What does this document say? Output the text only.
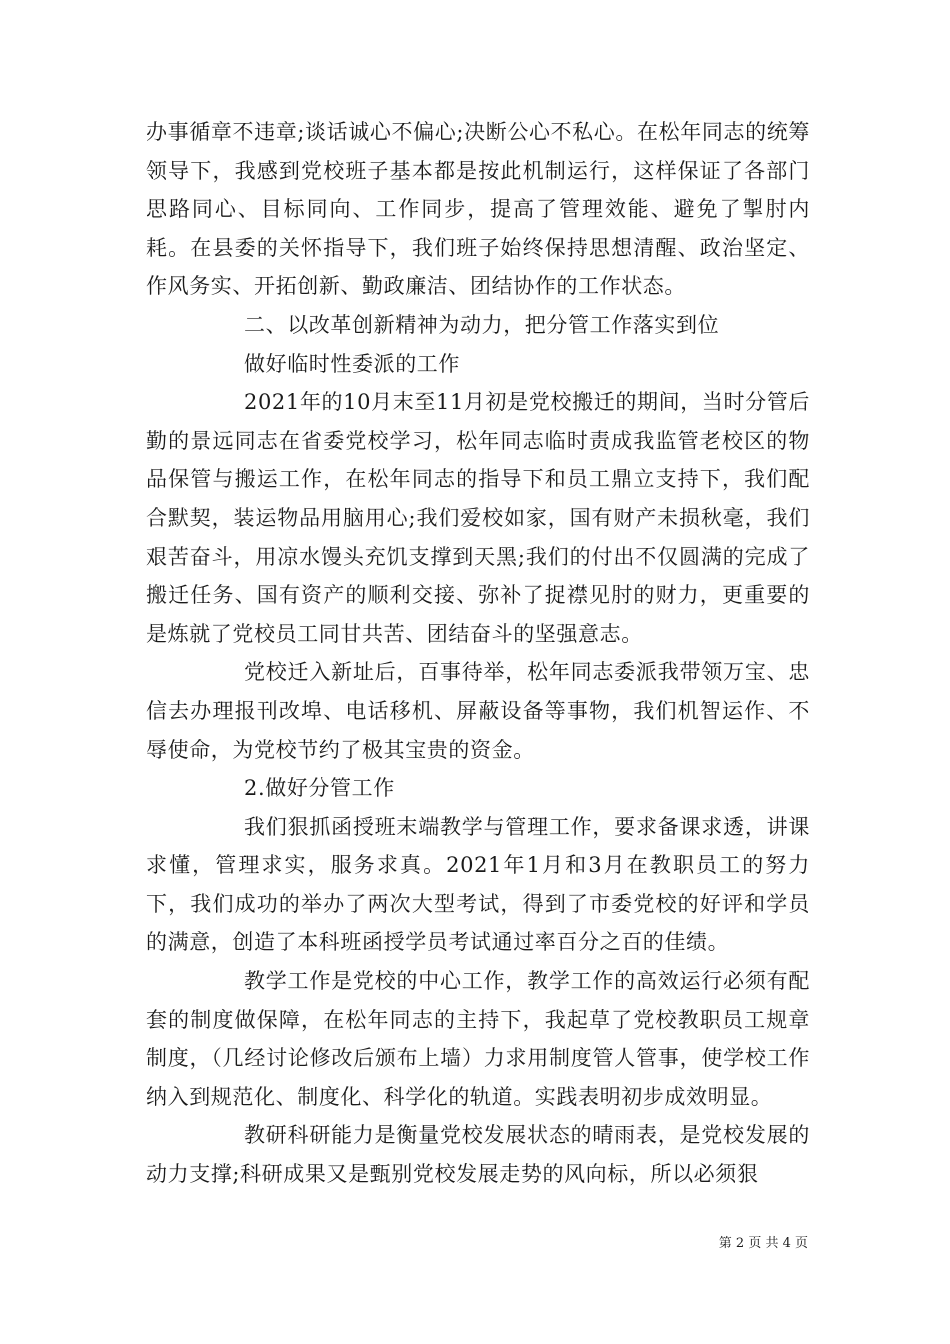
办事循章不违章;谈话诚心不偏心;决断公心不私心。在松年同志的统筹领导下，我感到党校班子基本都是按此机制运行，这样保证了各部门思路同心、目标同向、工作同步，提高了管理效能、避免了掣肘内耗。在县委的关怀指导下，我们班子始终保持思想清醒、政治坚定、作风务实、开拓创新、勤政廉洁、团结协作的工作状态。

二、以改革创新精神为动力，把分管工作落实到位

做好临时性委派的工作

2021年的10月末至11月初是党校搬迁的期间，当时分管后勤的景远同志在省委党校学习，松年同志临时责成我监管老校区的物品保管与搬运工作，在松年同志的指导下和员工鼎立支持下，我们配合默契，装运物品用脑用心;我们爱校如家，国有财产未损秋毫，我们艰苦奋斗，用凉水馒头充饥支撑到天黑;我们的付出不仅圆满的完成了搬迁任务、国有资产的顺利交接、弥补了捉襟见肘的财力，更重要的是炼就了党校员工同甘共苦、团结奋斗的坚强意志。

党校迁入新址后，百事待举，松年同志委派我带领万宝、忠信去办理报刊改埠、电话移机、屏蔽设备等事物，我们机智运作、不辱使命，为党校节约了极其宝贵的资金。

2.做好分管工作

我们狠抓函授班末端教学与管理工作，要求备课求透，讲课求懂，管理求实，服务求真。2021年1月和3月在教职员工的努力下，我们成功的举办了两次大型考试，得到了市委党校的好评和学员的满意，创造了本科班函授学员考试通过率百分之百的佳绩。

教学工作是党校的中心工作，教学工作的高效运行必须有配套的制度做保障，在松年同志的主持下，我起草了党校教职员工规章制度，（几经讨论修改后颁布上墙）力求用制度管人管事，使学校工作纳入到规范化、制度化、科学化的轨道。实践表明初步成效明显。

教研科研能力是衡量党校发展状态的晴雨表，是党校发展的动力支撑;科研成果又是甄别党校发展走势的风向标，所以必须狠

第 2 页 共 4 页
